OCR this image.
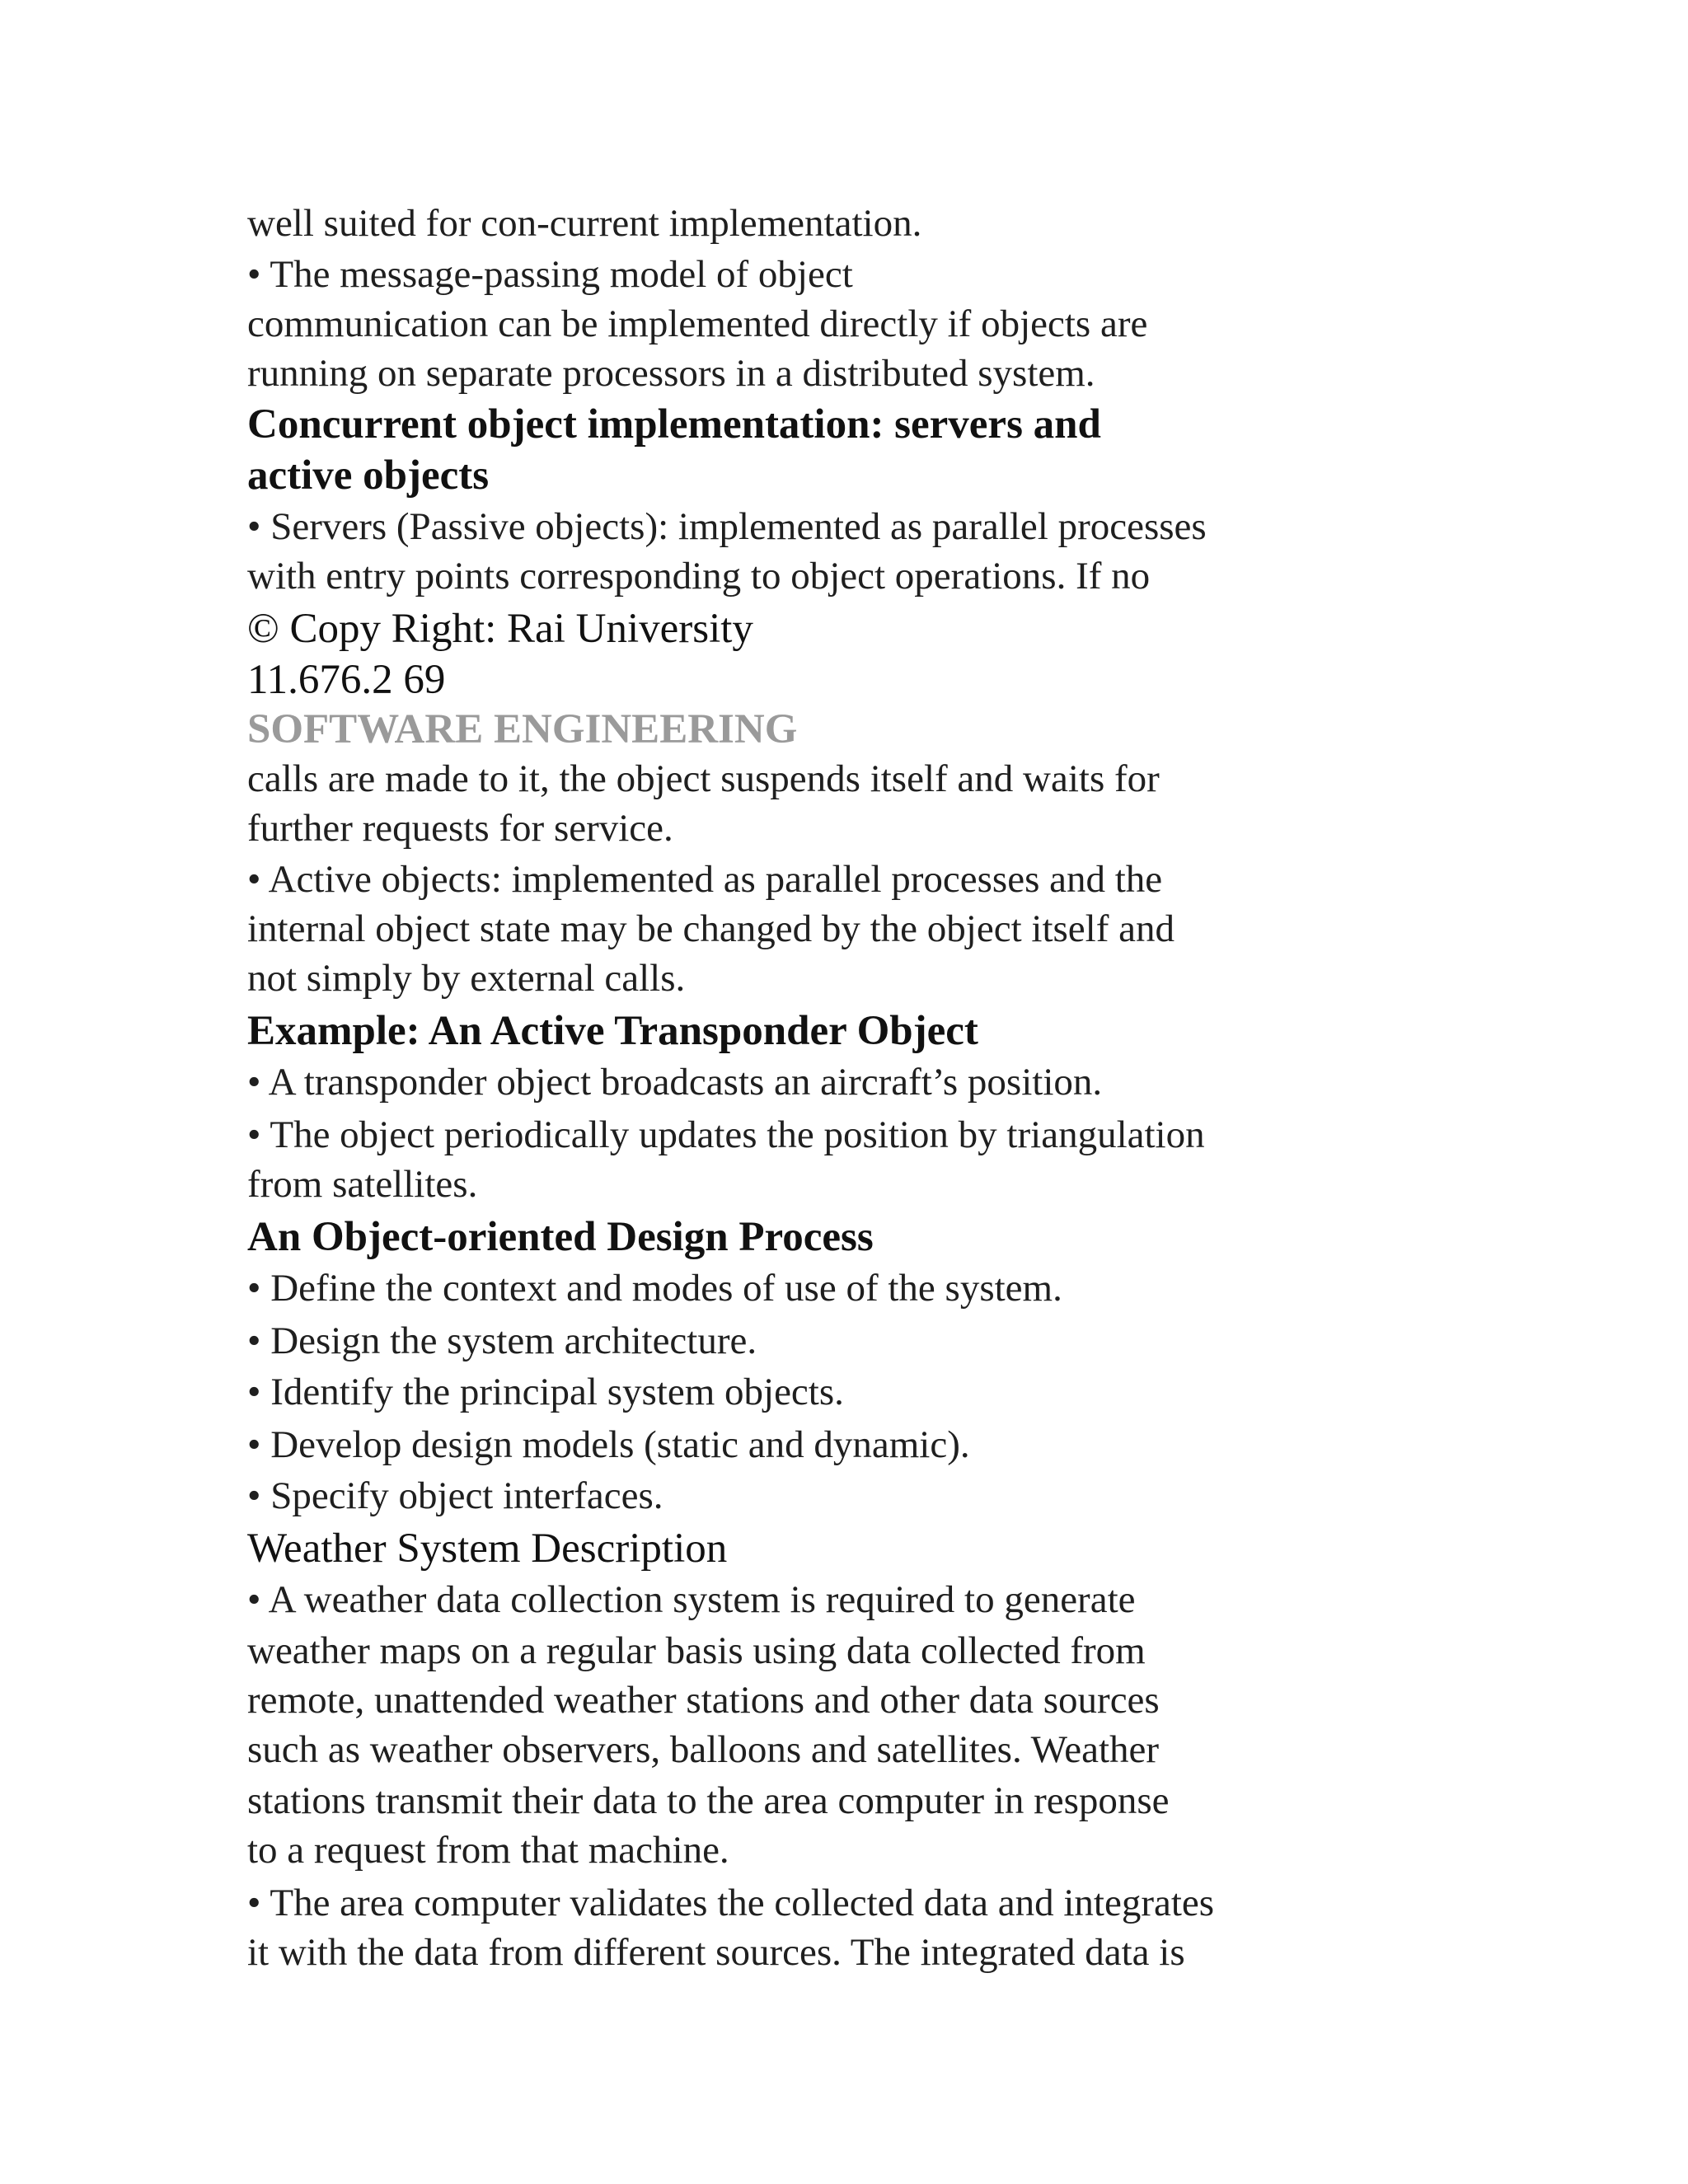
well suited for con-current implementation.
• The message-passing model of object
communication can be implemented directly if objects are
running on separate processors in a distributed system.
Concurrent object implementation: servers and
active objects
• Servers (Passive objects): implemented as parallel processes
with entry points corresponding to object operations. If no
© Copy Right: Rai University
11.676.2 69
SOFTWARE ENGINEERING
calls are made to it, the object suspends itself and waits for
further requests for service.
• Active objects: implemented as parallel processes and the
internal object state may be changed by the object itself and
not simply by external calls.
Example: An Active Transponder Object
• A transponder object broadcasts an aircraft’s position.
• The object periodically updates the position by triangulation
from satellites.
An Object-oriented Design Process
• Define the context and modes of use of the system.
• Design the system architecture.
• Identify the principal system objects.
• Develop design models (static and dynamic).
• Specify object interfaces.
Weather System Description
• A weather data collection system is required to generate
weather maps on a regular basis using data collected from
remote, unattended weather stations and other data sources
such as weather observers, balloons and satellites. Weather
stations transmit their data to the area computer in response
to a request from that machine.
• The area computer validates the collected data and integrates
it with the data from different sources. The integrated data is
